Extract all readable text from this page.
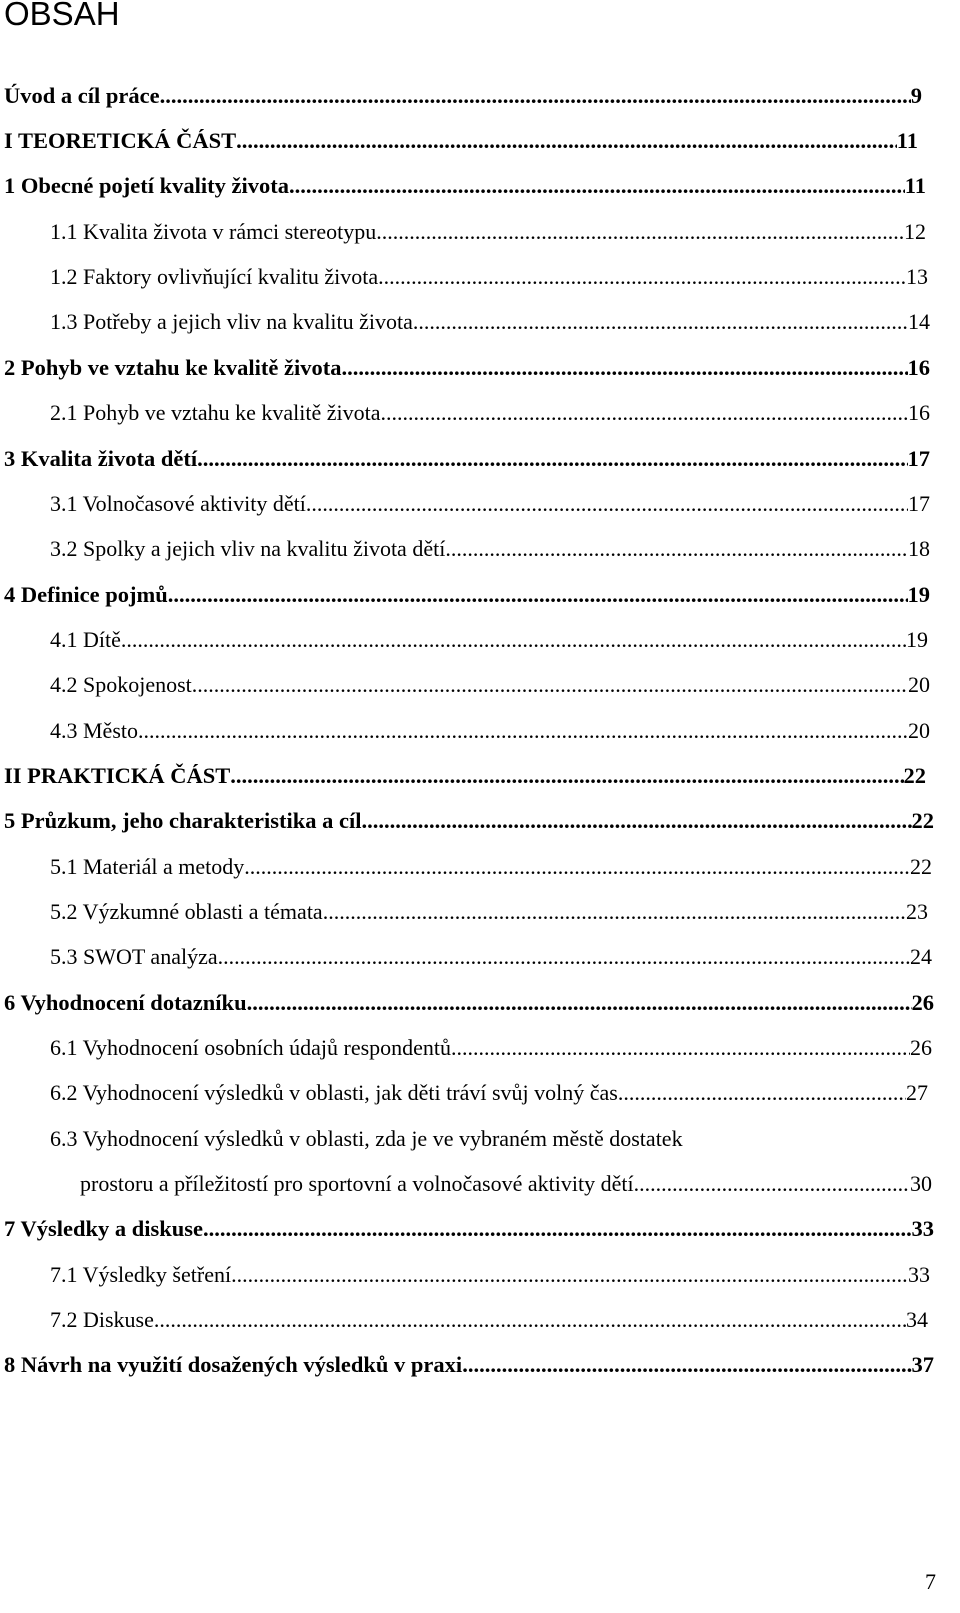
OBSAH
Úvod a cíl práce .....	9
I TEORETICKÁ ČÁST .....	11
1 Obecné pojetí kvality života .....	11
1.1 Kvalita života v rámci stereotypu .....	12
1.2 Faktory ovlivňující kvalitu života .....	13
1.3 Potřeby a jejich vliv na kvalitu života .....	14
2 Pohyb ve vztahu ke kvalitě života .....	16
2.1 Pohyb ve vztahu ke kvalitě života .....	16
3 Kvalita života dětí .....	17
3.1 Volnočasové aktivity dětí .....	17
3.2 Spolky a jejich vliv na kvalitu života dětí .....	18
4 Definice pojmů .....	19
4.1 Dítě .....	19
4.2 Spokojenost .....	20
4.3 Město .....	20
II PRAKTICKÁ ČÁST .....	22
5 Průzkum, jeho charakteristika a cíl .....	22
5.1 Materiál a metody .....	22
5.2 Výzkumné oblasti a témata .....	23
5.3 SWOT analýza .....	24
6 Vyhodnocení dotazníku .....	26
6.1 Vyhodnocení osobních údajů respondentů .....	26
6.2 Vyhodnocení výsledků v oblasti, jak děti tráví svůj volný čas .....	27
6.3 Vyhodnocení výsledků v oblasti, zda je ve vybraném městě dostatek
prostoru a příležitostí pro sportovní a volnočasové aktivity dětí .....	30
7 Výsledky a diskuse .....	33
7.1 Výsledky šetření .....	33
7.2 Diskuse .....	34
8 Návrh na využití dosažených výsledků v praxi .....	37
7
